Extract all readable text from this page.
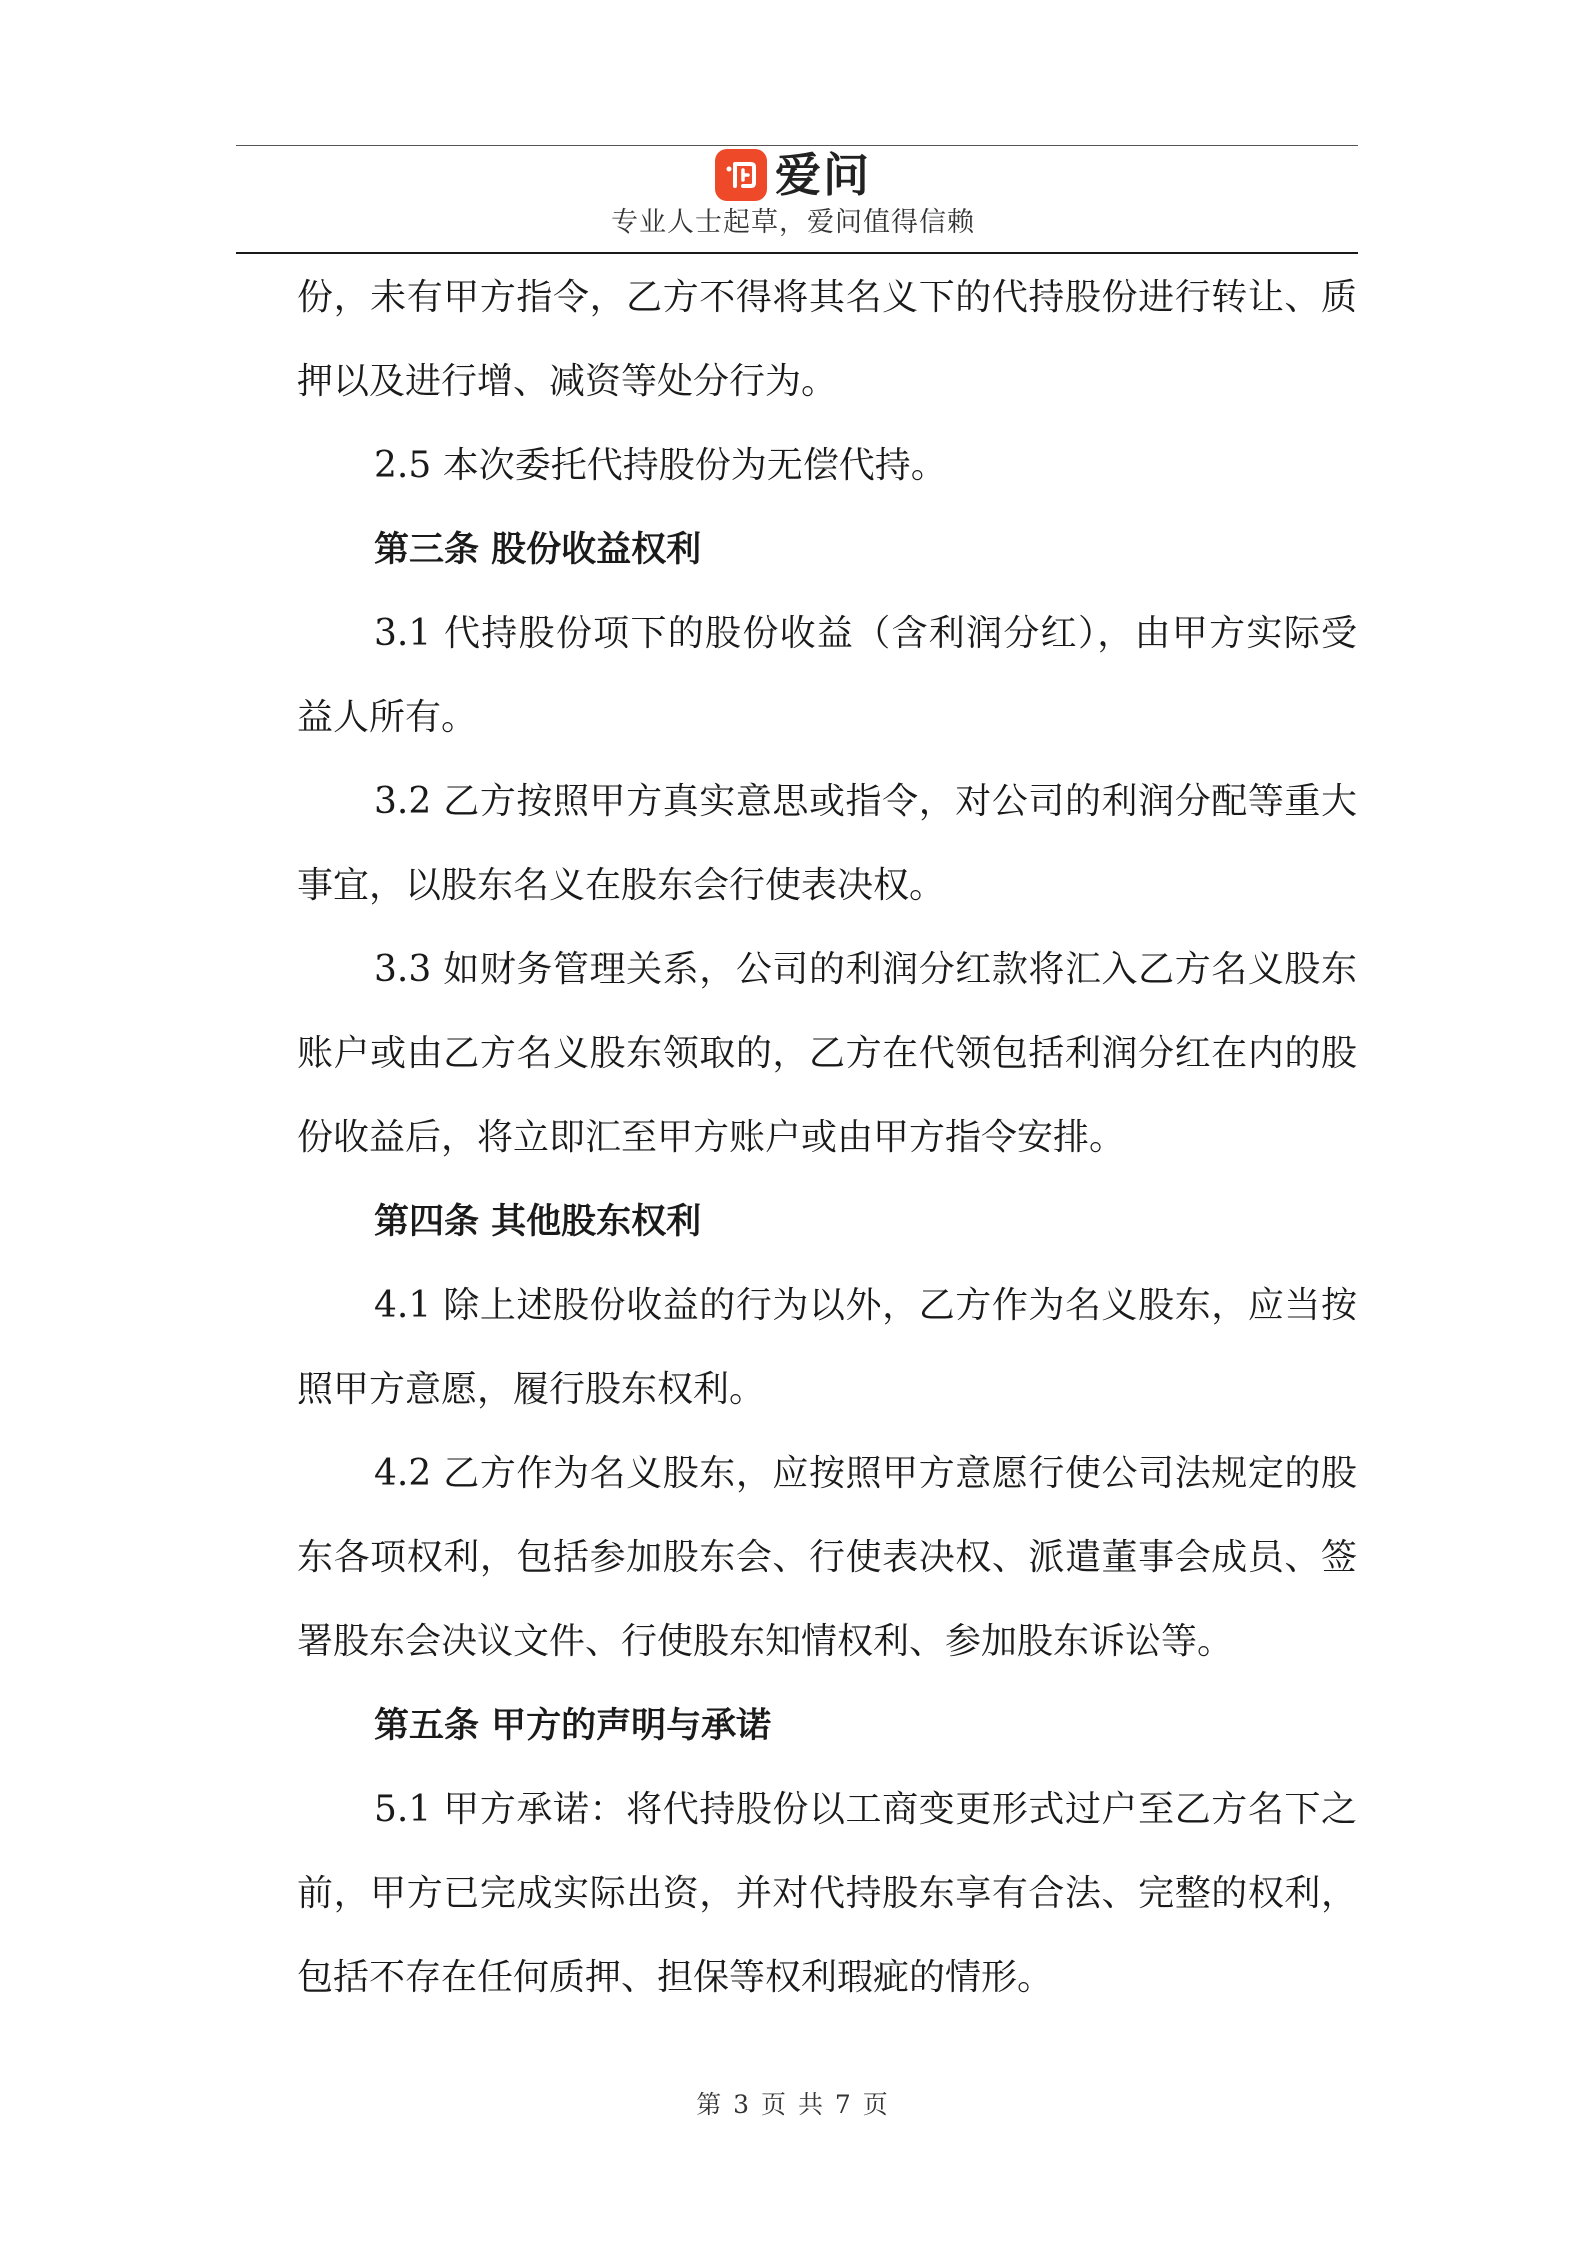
爱问
专业人士起草，爱问值得信赖

份，未有甲方指令，乙方不得将其名义下的代持股份进行转让、质押以及进行增、减资等处分行为。

2.5 本次委托代持股份为无偿代持。

第三条 股份收益权利

3.1 代持股份项下的股份收益（含利润分红），由甲方实际受益人所有。

3.2 乙方按照甲方真实意思或指令，对公司的利润分配等重大事宜，以股东名义在股东会行使表决权。

3.3 如财务管理关系，公司的利润分红款将汇入乙方名义股东账户或由乙方名义股东领取的，乙方在代领包括利润分红在内的股份收益后，将立即汇至甲方账户或由甲方指令安排。

第四条 其他股东权利

4.1 除上述股份收益的行为以外，乙方作为名义股东，应当按照甲方意愿，履行股东权利。

4.2 乙方作为名义股东，应按照甲方意愿行使公司法规定的股东各项权利，包括参加股东会、行使表决权、派遣董事会成员、签署股东会决议文件、行使股东知情权利、参加股东诉讼等。

第五条 甲方的声明与承诺

5.1 甲方承诺：将代持股份以工商变更形式过户至乙方名下之前，甲方已完成实际出资，并对代持股东享有合法、完整的权利，包括不存在任何质押、担保等权利瑕疵的情形。

第 3 页 共 7 页
